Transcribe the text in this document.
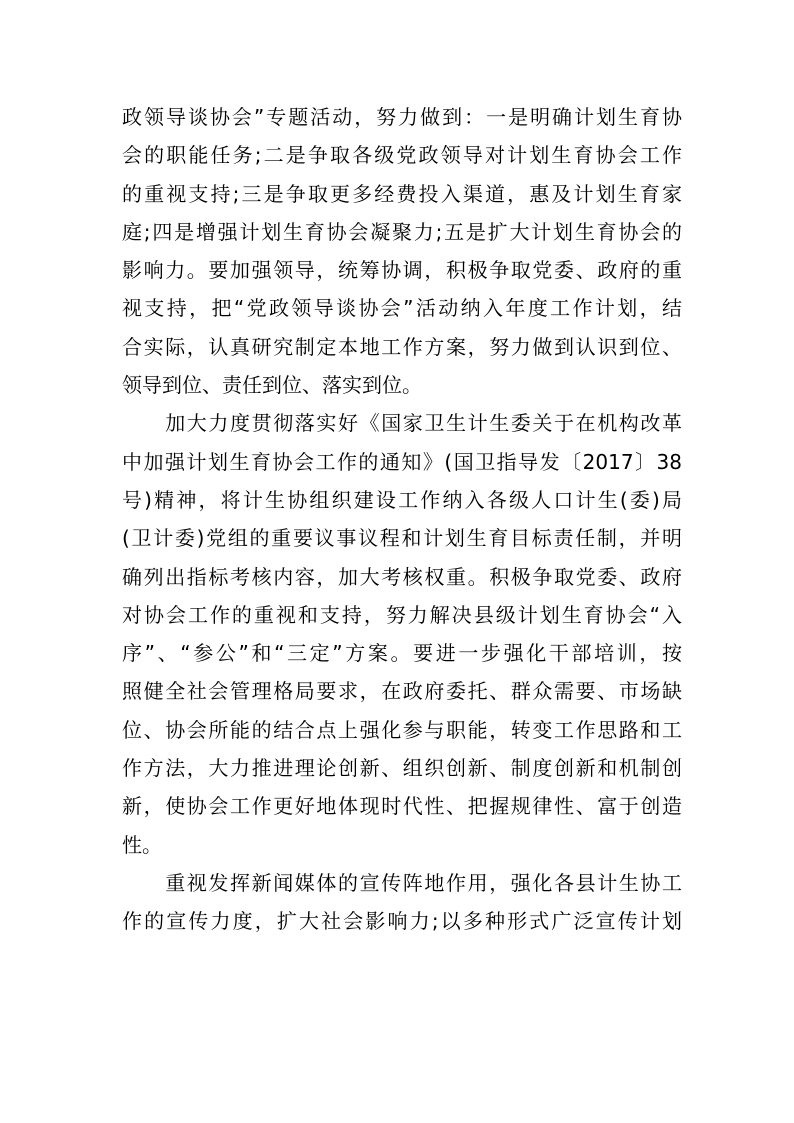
政领导谈协会”专题活动，努力做到：一是明确计划生育协
会的职能任务;二是争取各级党政领导对计划生育协会工作
的重视支持;三是争取更多经费投入渠道，惠及计划生育家
庭;四是增强计划生育协会凝聚力;五是扩大计划生育协会的
影响力。要加强领导，统筹协调，积极争取党委、政府的重
视支持，把“党政领导谈协会”活动纳入年度工作计划，结
合实际，认真研究制定本地工作方案，努力做到认识到位、
领导到位、责任到位、落实到位。
　　加大力度贯彻落实好《国家卫生计生委关于在机构改革
中加强计划生育协会工作的通知》(国卫指导发〔2017〕38
号)精神，将计生协组织建设工作纳入各级人口计生(委)局
(卫计委)党组的重要议事议程和计划生育目标责任制，并明
确列出指标考核内容，加大考核权重。积极争取党委、政府
对协会工作的重视和支持，努力解决县级计划生育协会“入
序”、“参公”和“三定”方案。要进一步强化干部培训，按
照健全社会管理格局要求，在政府委托、群众需要、市场缺
位、协会所能的结合点上强化参与职能，转变工作思路和工
作方法，大力推进理论创新、组织创新、制度创新和机制创
新，使协会工作更好地体现时代性、把握规律性、富于创造
性。
　　重视发挥新闻媒体的宣传阵地作用，强化各县计生协工
作的宣传力度，扩大社会影响力;以多种形式广泛宣传计划
